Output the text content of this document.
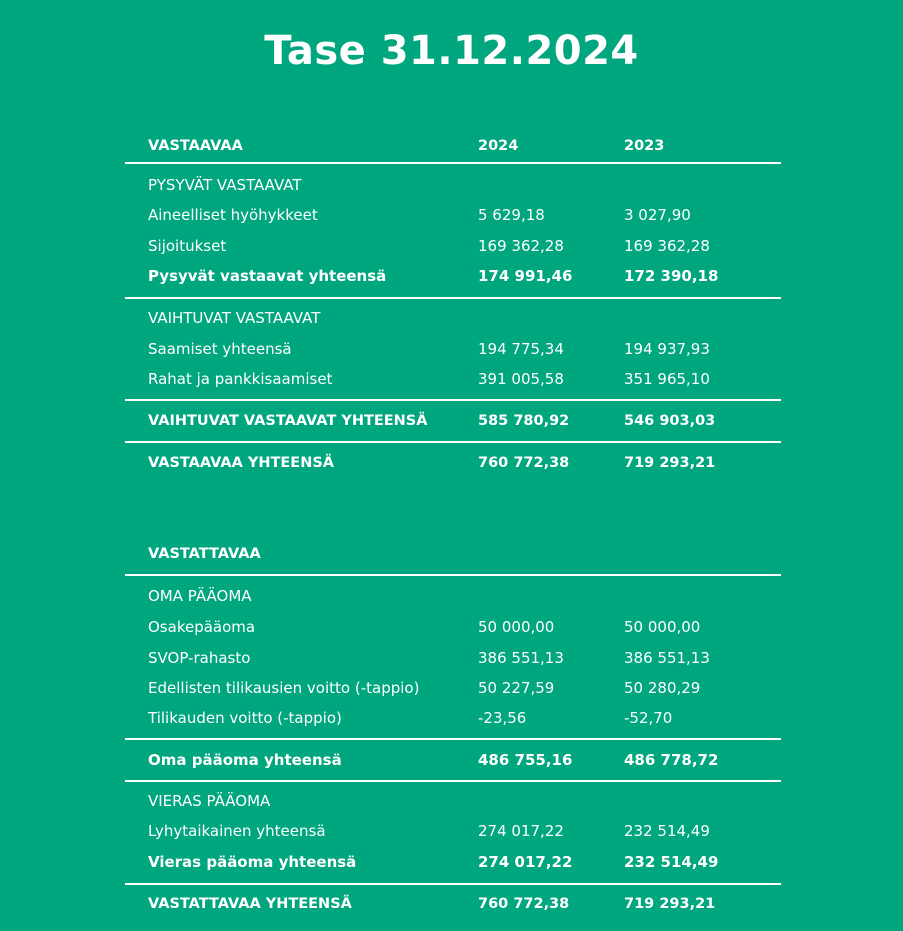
Tase 31.12.2024
VASTAAVAA	2024	2023
PYSYVÄT VASTAAVAT
Aineelliset hyöhykkeet	5 629,18	3 027,90
Sijoitukset	169 362,28	169 362,28
Pysyvät vastaavat yhteensä	174 991,46	172 390,18
VAIHTUVAT VASTAAVAT
Saamiset yhteensä	194 775,34	194 937,93
Rahat ja pankkisaamiset	391 005,58	351 965,10
VAIHTUVAT VASTAAVAT YHTEENSÄ	585 780,92	546 903,03
VASTAAVAA YHTEENSÄ	760 772,38	719 293,21
VASTATTAVAA
OMA PÄÄOMA
Osakepääoma	50 000,00	50 000,00
SVOP-rahasto	386 551,13	386 551,13
Edellisten tilikausien voitto (-tappio)	50 227,59	50 280,29
Tilikauden voitto (-tappio)	-23,56	-52,70
Oma pääoma yhteensä	486 755,16	486 778,72
VIERAS PÄÄOMA
Lyhytaikainen yhteensä	274 017,22	232 514,49
Vieras pääoma yhteensä	274 017,22	232 514,49
VASTATTAVAA YHTEENSÄ	760 772,38	719 293,21
